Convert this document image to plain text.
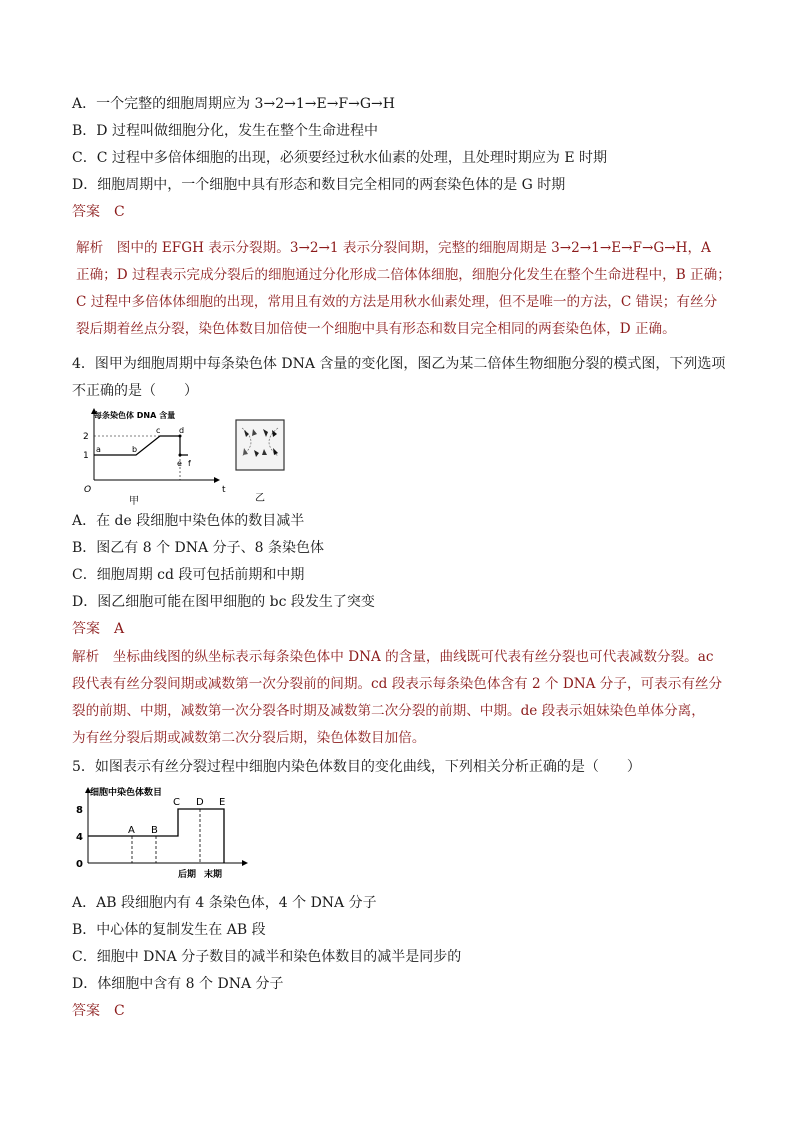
A．一个完整的细胞周期应为 3→2→1→E→F→G→H
B．D 过程叫做细胞分化，发生在整个生命进程中
C．C 过程中多倍体细胞的出现，必须要经过秋水仙素的处理，且处理时期应为 E 时期
D．细胞周期中，一个细胞中具有形态和数目完全相同的两套染色体的是 G 时期
答案 C
解析　图中的 EFGH 表示分裂期。3→2→1 表示分裂间期，完整的细胞周期是 3→2→1→E→F→G→H，A
正确；D 过程表示完成分裂后的细胞通过分化形成二倍体体细胞，细胞分化发生在整个生命进程中，B 正确；
C 过程中多倍体体细胞的出现，常用且有效的方法是用秋水仙素处理，但不是唯一的方法，C 错误；有丝分
裂后期着丝点分裂，染色体数目加倍使一个细胞中具有形态和数目完全相同的两套染色体，D 正确。
4．图甲为细胞周期中每条染色体 DNA 含量的变化图，图乙为某二倍体生物细胞分裂的模式图，下列选项
不正确的是（　　）
每条染色体 DNA 含量
2
1
O	t
a	b
c d
e f
甲	乙
A．在 de 段细胞中染色体的数目减半
B．图乙有 8 个 DNA 分子、8 条染色体
C．细胞周期 cd 段可包括前期和中期
D．图乙细胞可能在图甲细胞的 bc 段发生了突变
答案 A
解析　坐标曲线图的纵坐标表示每条染色体中 DNA 的含量，曲线既可代表有丝分裂也可代表减数分裂。ac
段代表有丝分裂间期或减数第一次分裂前的间期。cd 段表示每条染色体含有 2 个 DNA 分子，可表示有丝分
裂的前期、中期，减数第一次分裂各时期及减数第二次分裂的前期、中期。de 段表示姐妹染色单体分离，
为有丝分裂后期或减数第二次分裂后期，染色体数目加倍。
5．如图表示有丝分裂过程中细胞内染色体数目的变化曲线，下列相关分析正确的是（　　）
细胞中染色体数目
8
4
0
A B
C D E
后期 末期
A．AB 段细胞内有 4 条染色体，4 个 DNA 分子
B．中心体的复制发生在 AB 段
C．细胞中 DNA 分子数目的减半和染色体数目的减半是同步的
D．体细胞中含有 8 个 DNA 分子
答案 C
